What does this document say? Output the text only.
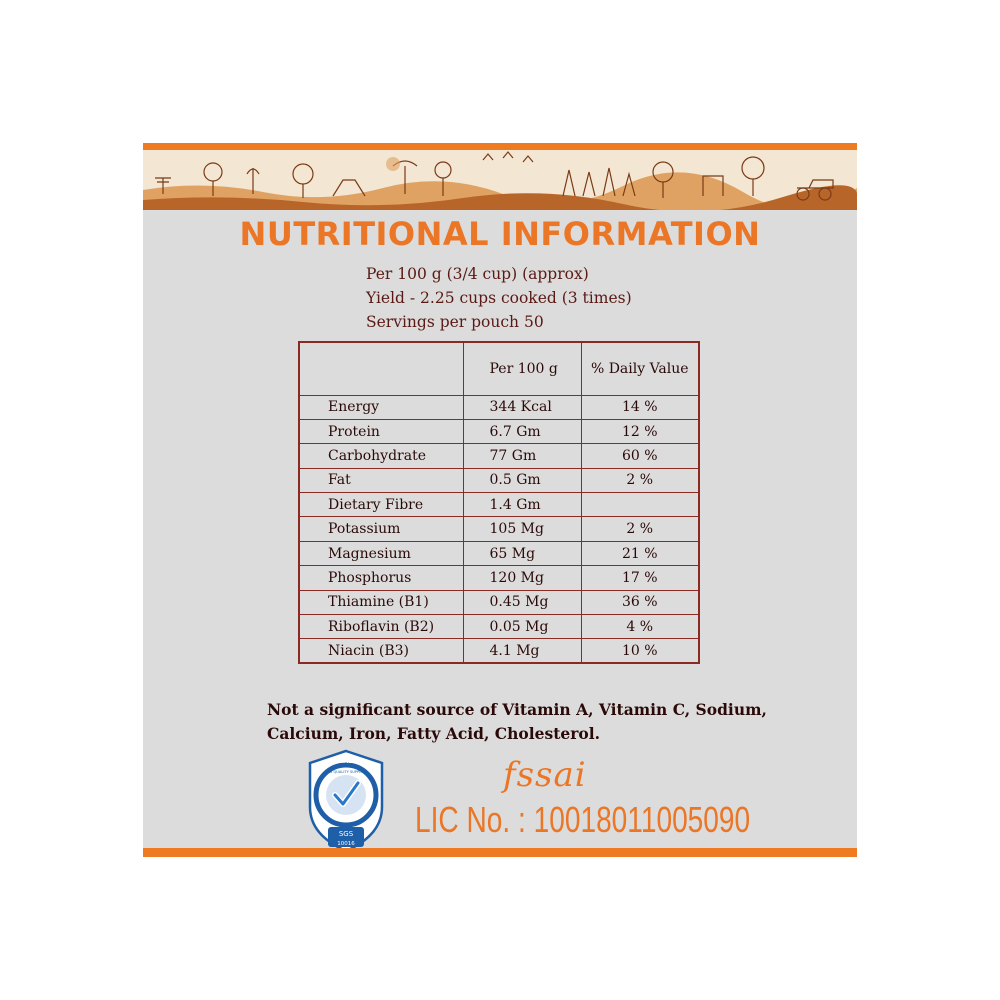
NUTRITIONAL INFORMATION
Per 100 g (3/4 cup) (approx)
Yield - 2.25 cups cooked (3 times)
Servings per pouch 50
	Per 100 g	% Daily Value
Energy	344 Kcal	14 %
Protein	6.7 Gm	12 %
Carbohydrate	77 Gm	60 %
Fat	0.5 Gm	2 %
Dietary Fibre	1.4 Gm	
Potassium	105 Mg	2 %
Magnesium	65 Mg	21 %
Phosphorus	120 Mg	17 %
Thiamine (B1)	0.45 Mg	36 %
Riboflavin (B2)	0.05 Mg	4 %
Niacin (B3)	4.1 Mg	10 %
Not a significant source of Vitamin A, Vitamin C, Sodium,
Calcium, Iron, Fatty Acid, Cholesterol.
CERTIFIED BY
SQS QUALITY SUPPLIER
SGS
10016
fssai
LIC No. : 10018011005090
